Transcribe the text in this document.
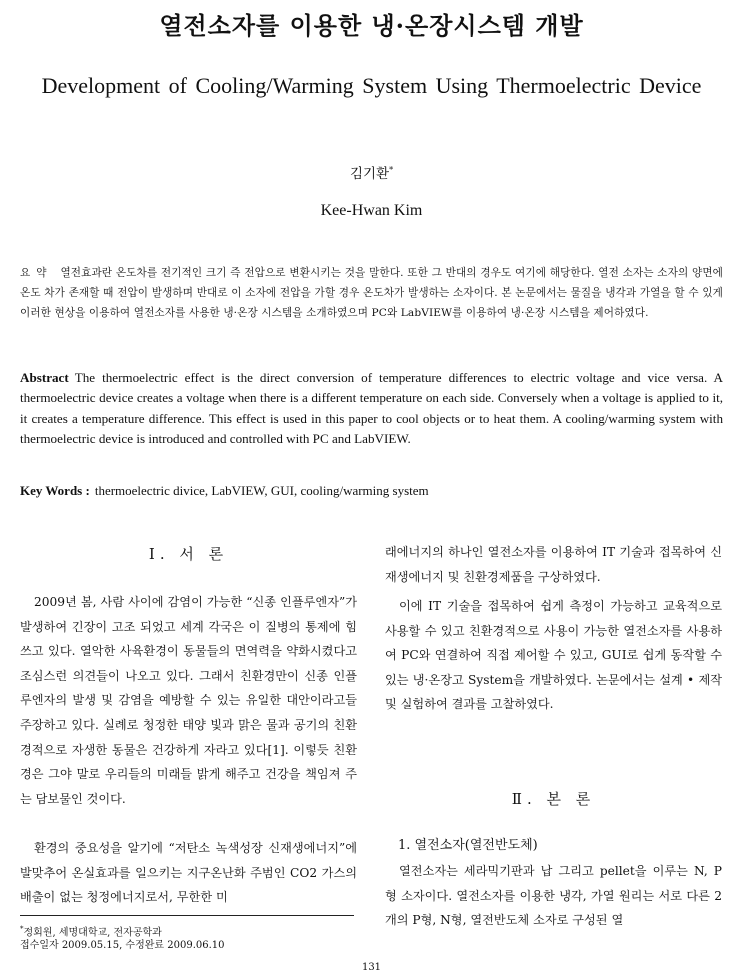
열전소자를 이용한 냉·온장시스템 개발
Development of Cooling/Warming System Using Thermoelectric Device
김기환*
Kee-Hwan Kim
요약 열전효과란 온도차를 전기적인 크기 즉 전압으로 변환시키는 것을 말한다. 또한 그 반대의 경우도 여기에 해당한다. 열전 소자는 소자의 양면에 온도 차가 존재할 때 전압이 발생하며 반대로 이 소자에 전압을 가할 경우 온도차가 발생하는 소자이다. 본 논문에서는 물질을 냉각과 가열을 할 수 있게 이러한 현상을 이용하여 열전소자를 사용한 냉·온장 시스템을 소개하였으며 PC와 LabVIEW를 이용하여 냉·온장 시스템을 제어하였다.
Abstract The thermoelectric effect is the direct conversion of temperature differences to electric voltage and vice versa. A thermoelectric device creates a voltage when there is a different temperature on each side. Conversely when a voltage is applied to it, it creates a temperature difference. This effect is used in this paper to cool objects or to heat them. A cooling/warming system with thermoelectric device is introduced and controlled with PC and LabVIEW.
Key Words : thermoelectric divice, LabVIEW, GUI, cooling/warming system
Ⅰ. 서 론
2009년 봄, 사람 사이에 감염이 가능한 “신종 인플루엔자”가 발생하여 긴장이 고조 되었고 세계 각국은 이 질병의 통제에 힘쓰고 있다. 열악한 사육환경이 동물들의 면역력을 약화시켰다고 조심스런 의견들이 나오고 있다. 그래서 친환경만이 신종 인플루엔자의 발생 및 감염을 예방할 수 있는 유일한 대안이라고들 주장하고 있다. 실례로 청정한 태양 빛과 맑은 물과 공기의 친환경적으로 자생한 동물은 건강하게 자라고 있다[1]. 이렇듯 친환경은 그야 말로 우리들의 미래들 밝게 해주고 건강을 책임져 주는 담보물인 것이다.
환경의 중요성을 알기에 “저탄소 녹색성장 신재생에너지”에 발맞추어 온실효과를 일으키는 지구온난화 주범인 CO2 가스의 배출이 없는 청정에너지로서, 무한한 미
래에너지의 하나인 열전소자를 이용하여 IT 기술과 접목하여 신재생에너지 및 친환경제품을 구상하였다.
이에 IT 기술을 접목하여 쉽게 측정이 가능하고 교육적으로 사용할 수 있고 친환경적으로 사용이 가능한 열전소자를 사용하여 PC와 연결하여 직접 제어할 수 있고, GUI로 쉽게 동작할 수 있는 냉·온장고 System을 개발하였다. 논문에서는 설계 • 제작 및 실험하여 결과를 고찰하였다.
Ⅱ. 본 론
1. 열전소자(열전반도체)
열전소자는 세라믹기판과 납 그리고 pellet을 이루는 N, P 형 소자이다. 열전소자를 이용한 냉각, 가열 원리는 서로 다른 2개의 P형, N형, 열전반도체 소자로 구성된 열
*정회원, 세명대학교, 전자공학과
접수일자 2009.05.15, 수정완료 2009.06.10
131
